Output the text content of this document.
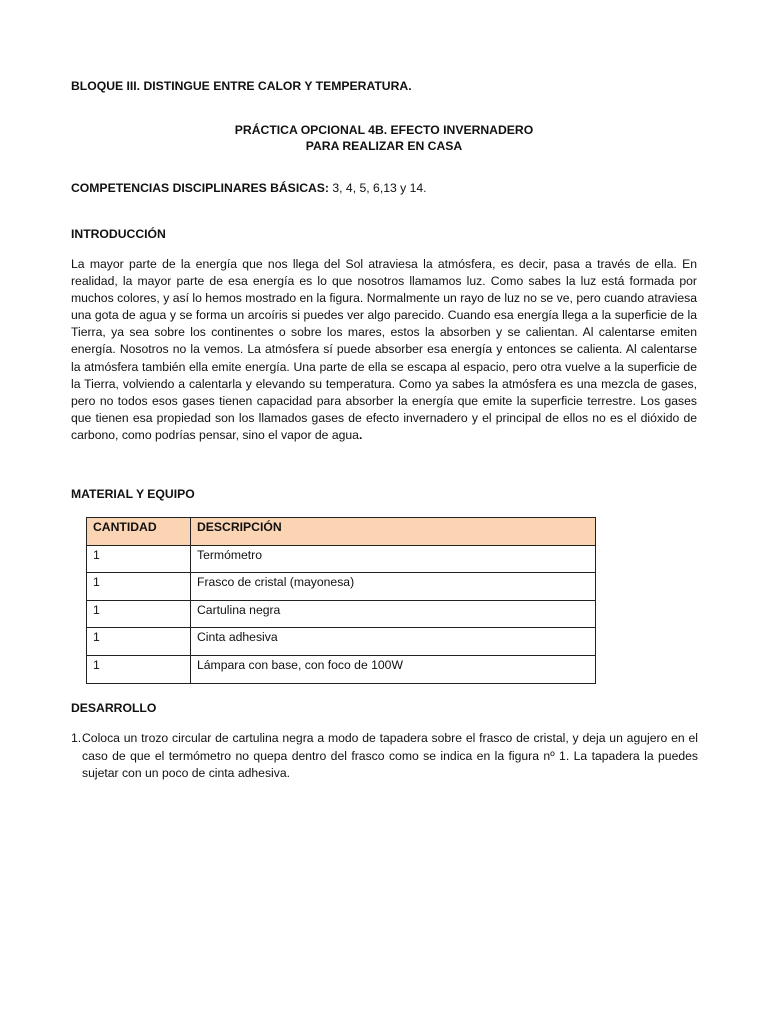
BLOQUE III. DISTINGUE ENTRE CALOR Y TEMPERATURA.
PRÁCTICA OPCIONAL 4B. EFECTO INVERNADERO
PARA REALIZAR EN CASA
COMPETENCIAS DISCIPLINARES BÁSICAS: 3, 4, 5, 6,13 y 14.
INTRODUCCIÓN
La mayor parte de la energía que nos llega del Sol atraviesa la atmósfera, es decir, pasa a través de ella. En realidad, la mayor parte de esa energía es lo que nosotros llamamos luz. Como sabes la luz está formada por muchos colores, y así lo hemos mostrado en la figura. Normalmente un rayo de luz no se ve, pero cuando atraviesa una gota de agua y se forma un arcoíris si puedes ver algo parecido. Cuando esa energía llega a la superficie de la Tierra, ya sea sobre los continentes o sobre los mares, estos la absorben y se calientan. Al calentarse emiten energía. Nosotros no la vemos. La atmósfera sí puede absorber esa energía y entonces se calienta. Al calentarse la atmósfera también ella emite energía. Una parte de ella se escapa al espacio, pero otra vuelve a la superficie de la Tierra, volviendo a calentarla y elevando su temperatura. Como ya sabes la atmósfera es una mezcla de gases, pero no todos esos gases tienen capacidad para absorber la energía que emite la superficie terrestre. Los gases que tienen esa propiedad son los llamados gases de efecto invernadero y el principal de ellos no es el dióxido de carbono, como podrías pensar, sino el vapor de agua.
MATERIAL Y EQUIPO
CANTIDAD	DESCRIPCIÓN
1	Termómetro
1	Frasco de cristal (mayonesa)
1	Cartulina negra
1	Cinta adhesiva
1	Lámpara con base, con foco de 100W
DESARROLLO
1. Coloca un trozo circular de cartulina negra a modo de tapadera sobre el frasco de cristal, y deja un agujero en el caso de que el termómetro no quepa dentro del frasco como se indica en la figura nº 1. La tapadera la puedes sujetar con un poco de cinta adhesiva.
